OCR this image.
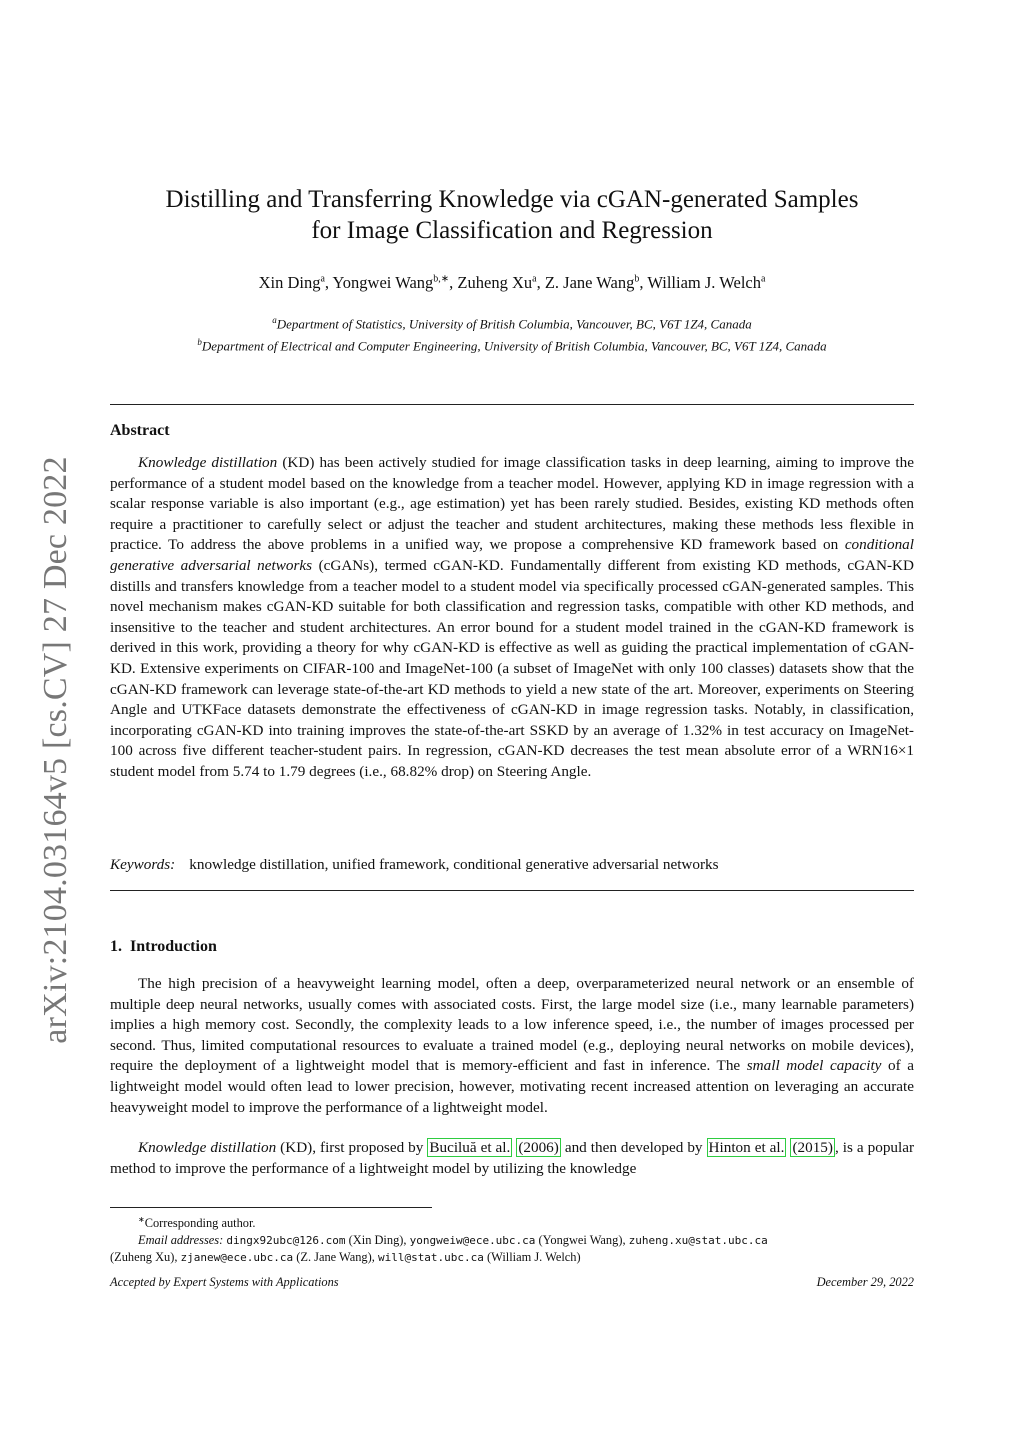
arXiv:2104.03164v5 [cs.CV] 27 Dec 2022
Distilling and Transferring Knowledge via cGAN-generated Samples
for Image Classification and Regression
Xin Ding$^a$, Yongwei Wang$^{b,∗}$, Zuheng Xu$^a$, Z. Jane Wang$^b$, William J. Welch$^a$
$^a$Department of Statistics, University of British Columbia, Vancouver, BC, V6T 1Z4, Canada
$^b$Department of Electrical and Computer Engineering, University of British Columbia, Vancouver, BC, V6T 1Z4, Canada
Abstract

Knowledge distillation (KD) has been actively studied for image classification tasks in deep learning, aiming to improve the performance of a student model based on the knowledge from a teacher model. However, applying KD in image regression with a scalar response variable is also important (e.g., age estimation) yet has been rarely studied. Besides, existing KD methods often require a practitioner to carefully select or adjust the teacher and student architectures, making these methods less flexible in practice. To address the above problems in a unified way, we propose a comprehensive KD framework based on conditional generative adversarial networks (cGANs), termed cGAN-KD. Fundamentally different from existing KD methods, cGAN-KD distills and transfers knowledge from a teacher model to a student model via specifically processed cGAN-generated samples. This novel mechanism makes cGAN-KD suitable for both classification and regression tasks, compatible with other KD methods, and insensitive to the teacher and student architectures. An error bound for a student model trained in the cGAN-KD framework is derived in this work, providing a theory for why cGAN-KD is effective as well as guiding the practical implementation of cGAN-KD. Extensive experiments on CIFAR-100 and ImageNet-100 (a subset of ImageNet with only 100 classes) datasets show that the cGAN-KD framework can leverage state-of-the-art KD methods to yield a new state of the art. Moreover, experiments on Steering Angle and UTKFace datasets demonstrate the effectiveness of cGAN-KD in image regression tasks. Notably, in classification, incorporating cGAN-KD into training improves the state-of-the-art SSKD by an average of 1.32% in test accuracy on ImageNet-100 across five different teacher-student pairs. In regression, cGAN-KD decreases the test mean absolute error of a WRN16×1 student model from 5.74 to 1.79 degrees (i.e., 68.82% drop) on Steering Angle.

Keywords: knowledge distillation, unified framework, conditional generative adversarial networks
1. Introduction

The high precision of a heavyweight learning model, often a deep, overparameterized neural network or an ensemble of multiple deep neural networks, usually comes with associated costs. First, the large model size (i.e., many learnable parameters) implies a high memory cost. Secondly, the complexity leads to a low inference speed, i.e., the number of images processed per second. Thus, limited computational resources to evaluate a trained model (e.g., deploying neural networks on mobile devices), require the deployment of a lightweight model that is memory-efficient and fast in inference. The small model capacity of a lightweight model would often lead to lower precision, however, motivating recent increased attention on leveraging an accurate heavyweight model to improve the performance of a lightweight model.

Knowledge distillation (KD), first proposed by Buciluă et al. (2006) and then developed by Hinton et al. (2015) , is a popular method to improve the performance of a lightweight model by utilizing the knowledge

∗Corresponding author.
Email addresses: dingx92ubc@126.com (Xin Ding), yongweiw@ece.ubc.ca (Yongwei Wang), zuheng.xu@stat.ubc.ca
(Zuheng Xu), zjanew@ece.ubc.ca (Z. Jane Wang), will@stat.ubc.ca (William J. Welch)
Accepted by Expert Systems with Applications	December 29, 2022
